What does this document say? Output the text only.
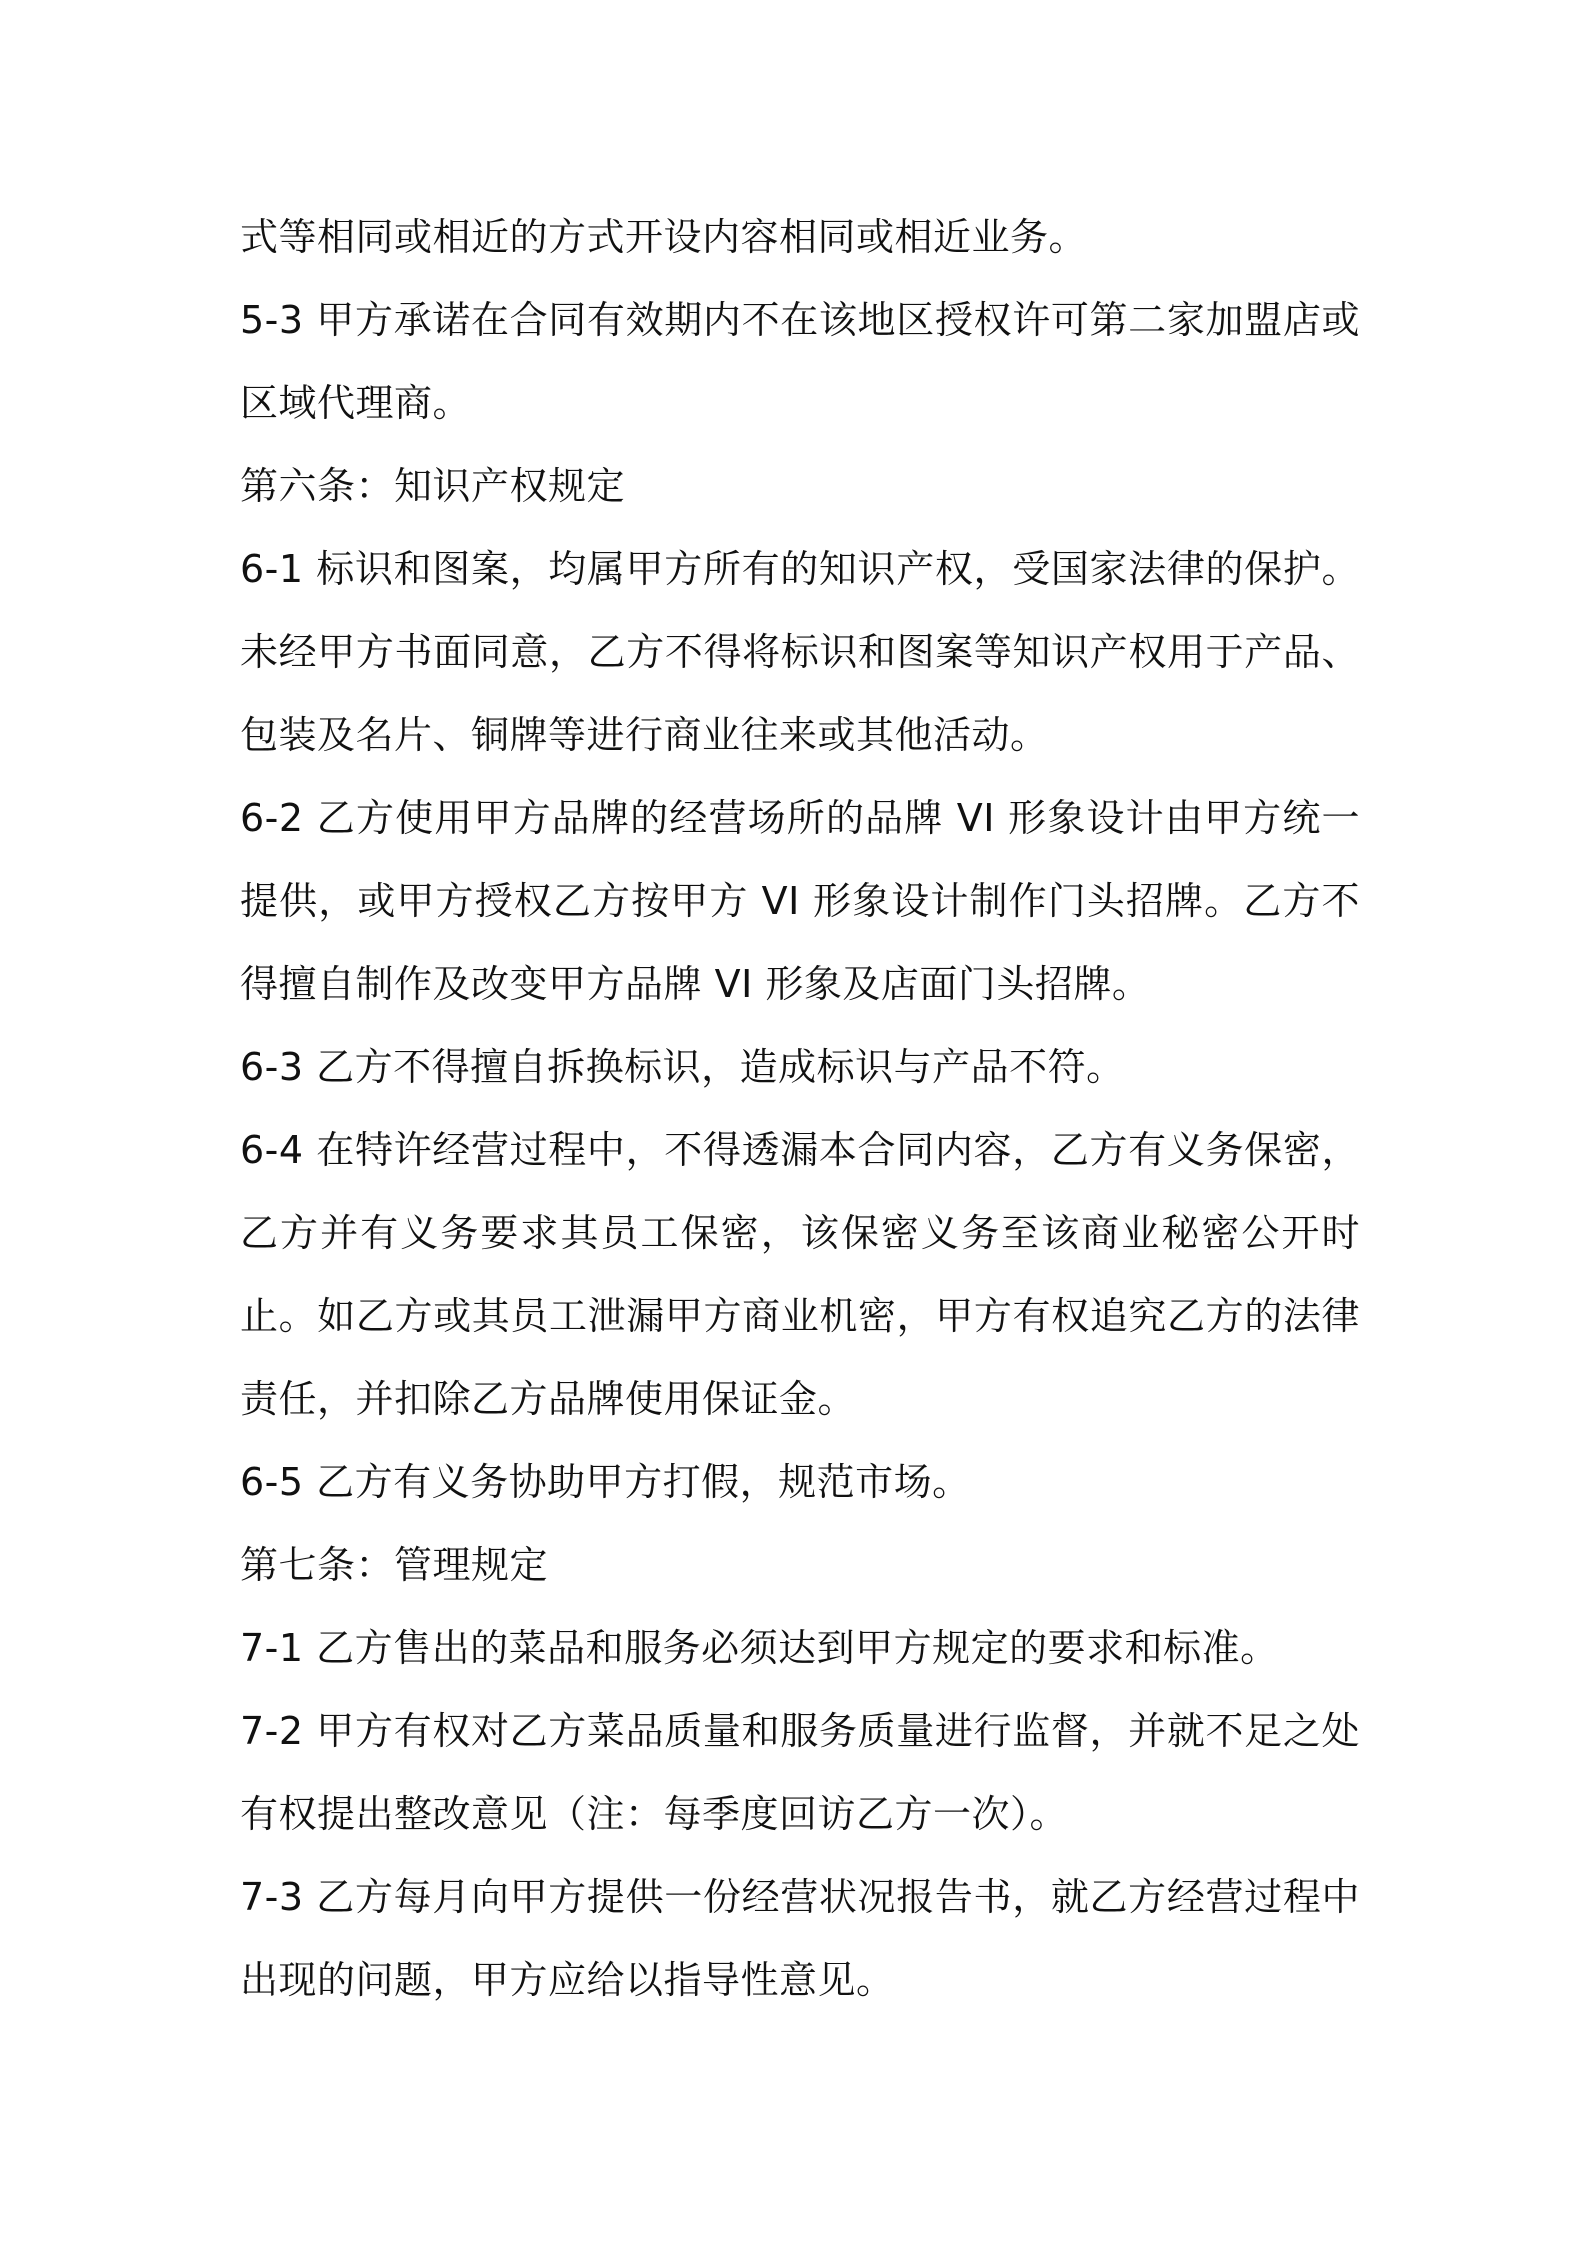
式等相同或相近的方式开设内容相同或相近业务。

5-3 甲方承诺在合同有效期内不在该地区授权许可第二家加盟店或区域代理商。

第六条：知识产权规定

6-1 标识和图案，均属甲方所有的知识产权，受国家法律的保护。未经甲方书面同意，乙方不得将标识和图案等知识产权用于产品、包装及名片、铜牌等进行商业往来或其他活动。

6-2 乙方使用甲方品牌的经营场所的品牌 VI 形象设计由甲方统一提供，或甲方授权乙方按甲方 VI 形象设计制作门头招牌。乙方不得擅自制作及改变甲方品牌 VI 形象及店面门头招牌。

6-3 乙方不得擅自拆换标识，造成标识与产品不符。

6-4 在特许经营过程中，不得透漏本合同内容，乙方有义务保密，乙方并有义务要求其员工保密，该保密义务至该商业秘密公开时止。如乙方或其员工泄漏甲方商业机密，甲方有权追究乙方的法律责任，并扣除乙方品牌使用保证金。

6-5 乙方有义务协助甲方打假，规范市场。

第七条：管理规定

7-1 乙方售出的菜品和服务必须达到甲方规定的要求和标准。

7-2 甲方有权对乙方菜品质量和服务质量进行监督，并就不足之处有权提出整改意见（注：每季度回访乙方一次）。

7-3 乙方每月向甲方提供一份经营状况报告书，就乙方经营过程中出现的问题，甲方应给以指导性意见。
